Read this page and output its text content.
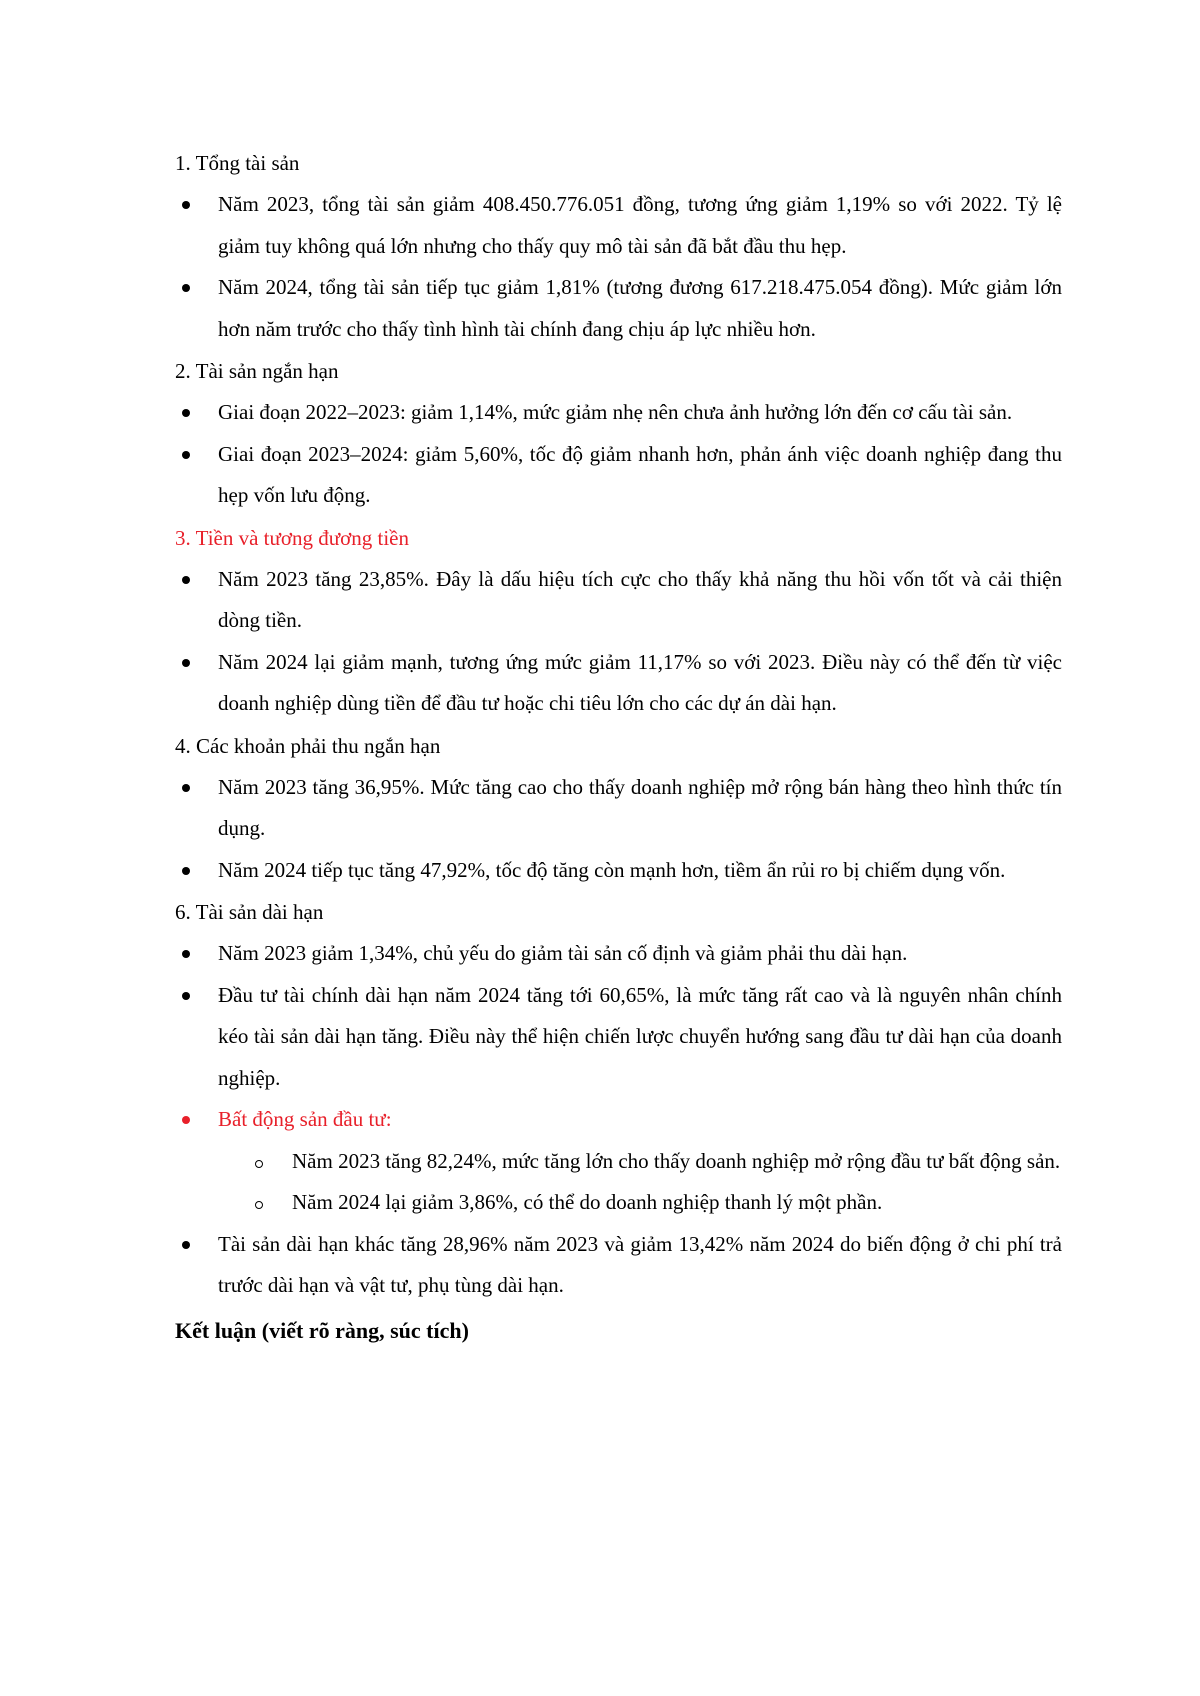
1. Tổng tài sản
Năm 2023, tổng tài sản giảm 408.450.776.051 đồng, tương ứng giảm 1,19% so với 2022. Tỷ lệ giảm tuy không quá lớn nhưng cho thấy quy mô tài sản đã bắt đầu thu hẹp.
Năm 2024, tổng tài sản tiếp tục giảm 1,81% (tương đương 617.218.475.054 đồng). Mức giảm lớn hơn năm trước cho thấy tình hình tài chính đang chịu áp lực nhiều hơn.
2. Tài sản ngắn hạn
Giai đoạn 2022–2023: giảm 1,14%, mức giảm nhẹ nên chưa ảnh hưởng lớn đến cơ cấu tài sản.
Giai đoạn 2023–2024: giảm 5,60%, tốc độ giảm nhanh hơn, phản ánh việc doanh nghiệp đang thu hẹp vốn lưu động.
3. Tiền và tương đương tiền
Năm 2023 tăng 23,85%. Đây là dấu hiệu tích cực cho thấy khả năng thu hồi vốn tốt và cải thiện dòng tiền.
Năm 2024 lại giảm mạnh, tương ứng mức giảm 11,17% so với 2023. Điều này có thể đến từ việc doanh nghiệp dùng tiền để đầu tư hoặc chi tiêu lớn cho các dự án dài hạn.
4. Các khoản phải thu ngắn hạn
Năm 2023 tăng 36,95%. Mức tăng cao cho thấy doanh nghiệp mở rộng bán hàng theo hình thức tín dụng.
Năm 2024 tiếp tục tăng 47,92%, tốc độ tăng còn mạnh hơn, tiềm ẩn rủi ro bị chiếm dụng vốn.
6. Tài sản dài hạn
Năm 2023 giảm 1,34%, chủ yếu do giảm tài sản cố định và giảm phải thu dài hạn.
Đầu tư tài chính dài hạn năm 2024 tăng tới 60,65%, là mức tăng rất cao và là nguyên nhân chính kéo tài sản dài hạn tăng. Điều này thể hiện chiến lược chuyển hướng sang đầu tư dài hạn của doanh nghiệp.
Bất động sản đầu tư:
Năm 2023 tăng 82,24%, mức tăng lớn cho thấy doanh nghiệp mở rộng đầu tư bất động sản.
Năm 2024 lại giảm 3,86%, có thể do doanh nghiệp thanh lý một phần.
Tài sản dài hạn khác tăng 28,96% năm 2023 và giảm 13,42% năm 2024 do biến động ở chi phí trả trước dài hạn và vật tư, phụ tùng dài hạn.
Kết luận (viết rõ ràng, súc tích)
